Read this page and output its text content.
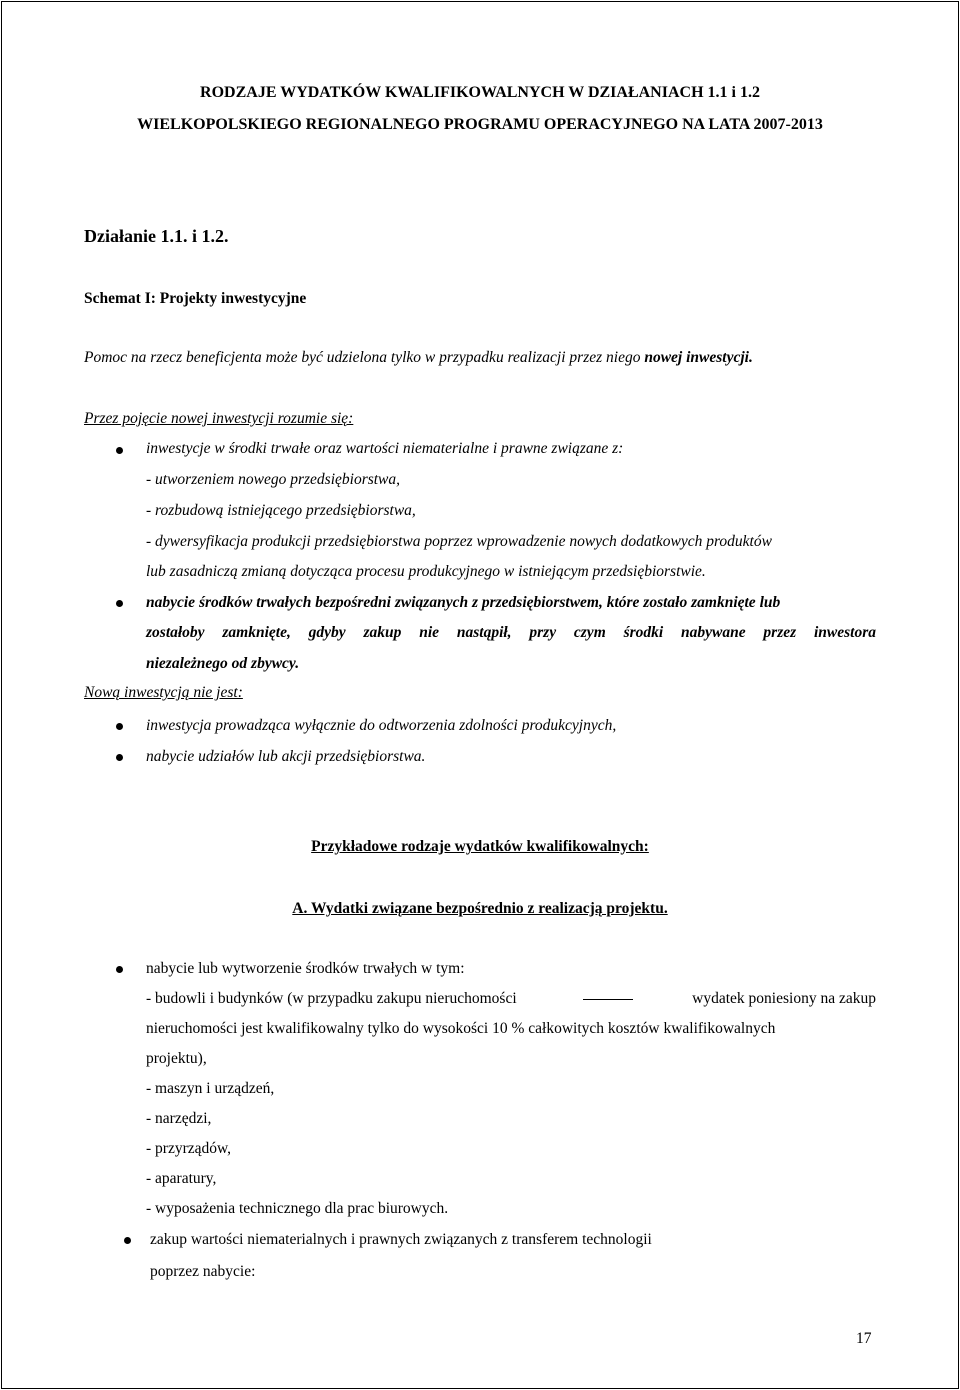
RODZAJE WYDATKÓW KWALIFIKOWALNYCH W DZIAŁANIACH 1.1 i 1.2
WIELKOPOLSKIEGO REGIONALNEGO PROGRAMU OPERACYJNEGO NA LATA 2007-2013
Działanie 1.1. i 1.2.
Schemat I: Projekty inwestycyjne
Pomoc na rzecz beneficjenta może być udzielona tylko w przypadku realizacji przez niego nowej inwestycji.
Przez pojęcie nowej inwestycji rozumie się:
inwestycje w środki trwałe oraz wartości niematerialne i prawne związane z:
- utworzeniem nowego przedsiębiorstwa,
- rozbudową istniejącego przedsiębiorstwa,
- dywersyfikacja produkcji przedsiębiorstwa poprzez wprowadzenie nowych dodatkowych produktów
lub zasadniczą zmianą dotycząca procesu produkcyjnego w istniejącym przedsiębiorstwie.
nabycie środków trwałych bezpośredni związanych z przedsiębiorstwem, które zostało zamknięte lub
zostałoby zamknięte, gdyby zakup nie nastąpił, przy czym środki nabywane przez inwestora
niezależnego od zbywcy.
Nową inwestycją nie jest:
inwestycja prowadząca wyłącznie do odtworzenia zdolności produkcyjnych,
nabycie udziałów lub akcji przedsiębiorstwa.
Przykładowe rodzaje wydatków kwalifikowalnych:
A. Wydatki związane bezpośrednio z realizacją projektu.
nabycie lub wytworzenie środków trwałych w tym:
- budowli i budynków (w przypadku zakupu nieruchomości	wydatek poniesiony na zakup
nieruchomości jest kwalifikowalny tylko do wysokości 10 % całkowitych kosztów kwalifikowalnych
projektu),
- maszyn i urządzeń,
- narzędzi,
- przyrządów,
- aparatury,
- wyposażenia technicznego dla prac biurowych.
zakup wartości niematerialnych i prawnych związanych z transferem technologii
poprzez nabycie:
17
